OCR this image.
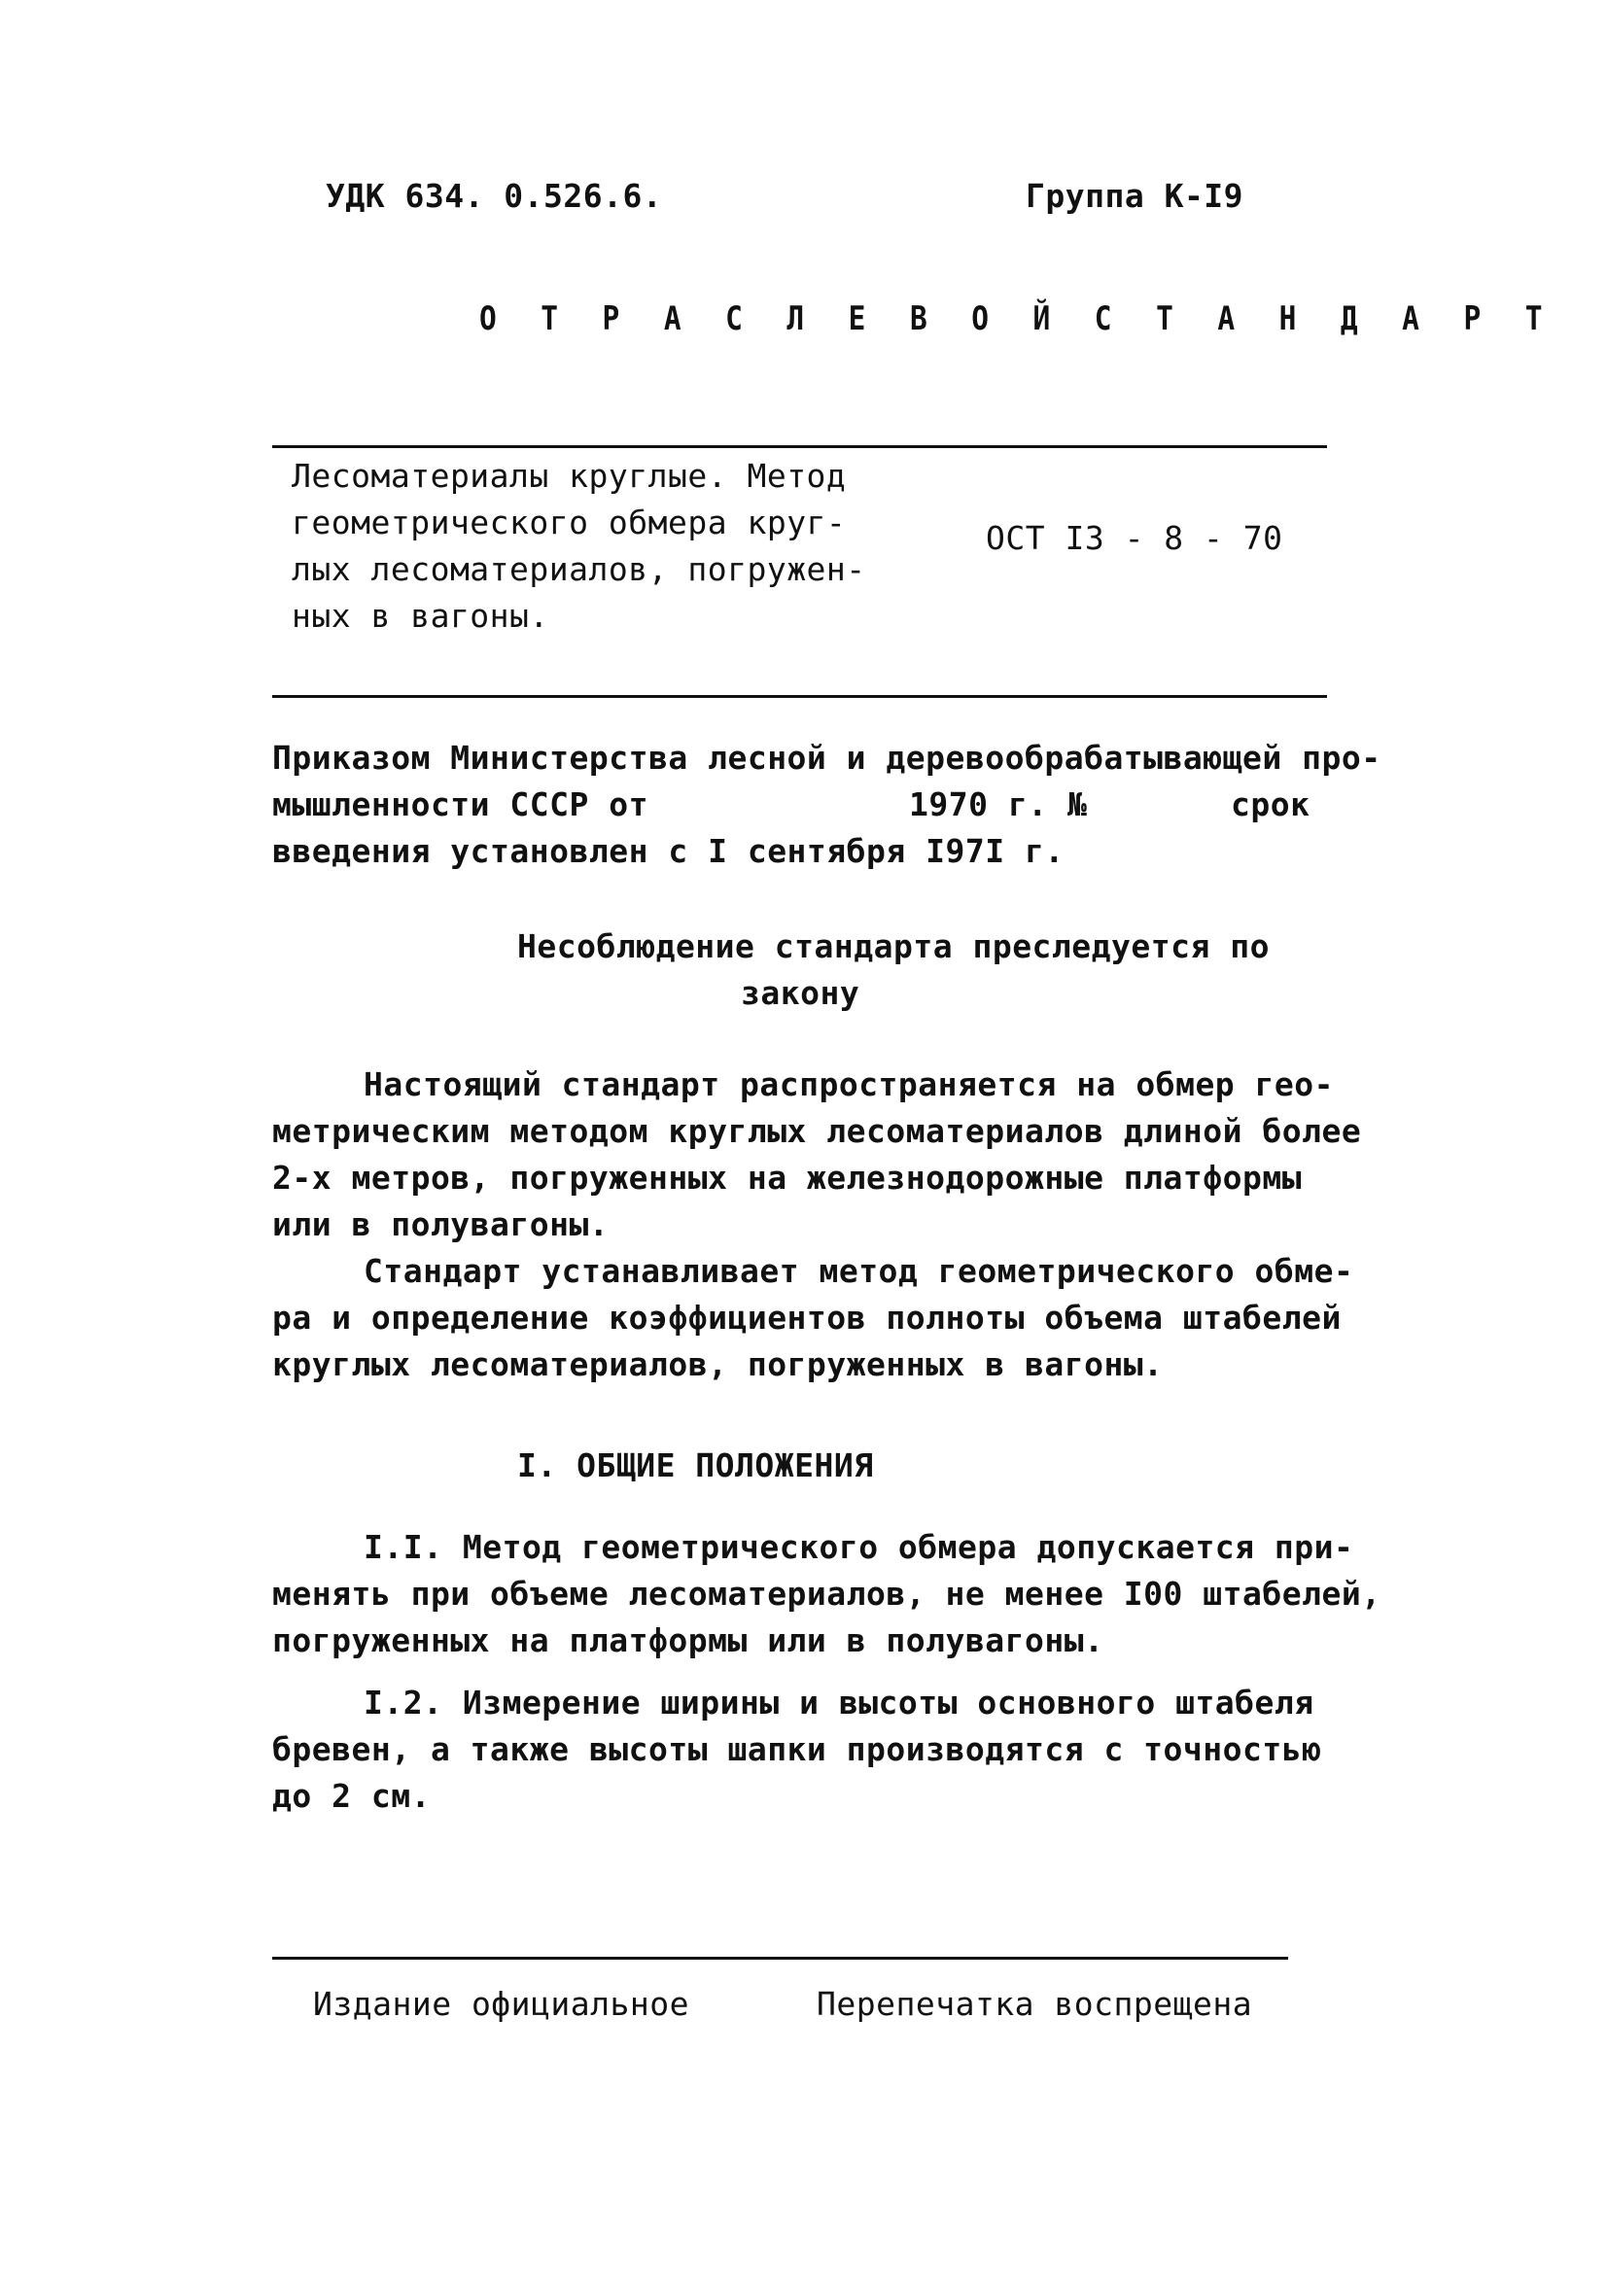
УДК 634. 0.526.6.	Группа К-I9
О Т Р А С Л Е В О Й С Т А Н Д А Р Т
Лесоматериалы круглые. Метод
геометрического обмера круг-
лых лесоматериалов, погружен-
ных в вагоны.
ОСТ I3 - 8 - 70
Приказом Министерства лесной и деревообрабатывающей про-
мышленности СССР от	1970 г. №	срок
введения установлен с I сентября I97I г.
Несоблюдение стандарта преследуется по
закону
Настоящий стандарт распространяется на обмер гео-
метрическим методом круглых лесоматериалов длиной более
2-х метров, погруженных на железнодорожные платформы
или в полувагоны.
Стандарт устанавливает метод геометрического обме-
ра и определение коэффициентов полноты объема штабелей
круглых лесоматериалов, погруженных в вагоны.
I. ОБЩИЕ ПОЛОЖЕНИЯ
I.I. Метод геометрического обмера допускается при-
менять при объеме лесоматериалов, не менее I00 штабелей,
погруженных на платформы или в полувагоны.
I.2. Измерение ширины и высоты основного штабеля
бревен, а также высоты шапки производятся с точностью
до 2 см.
Издание официальное	Перепечатка воспрещена
